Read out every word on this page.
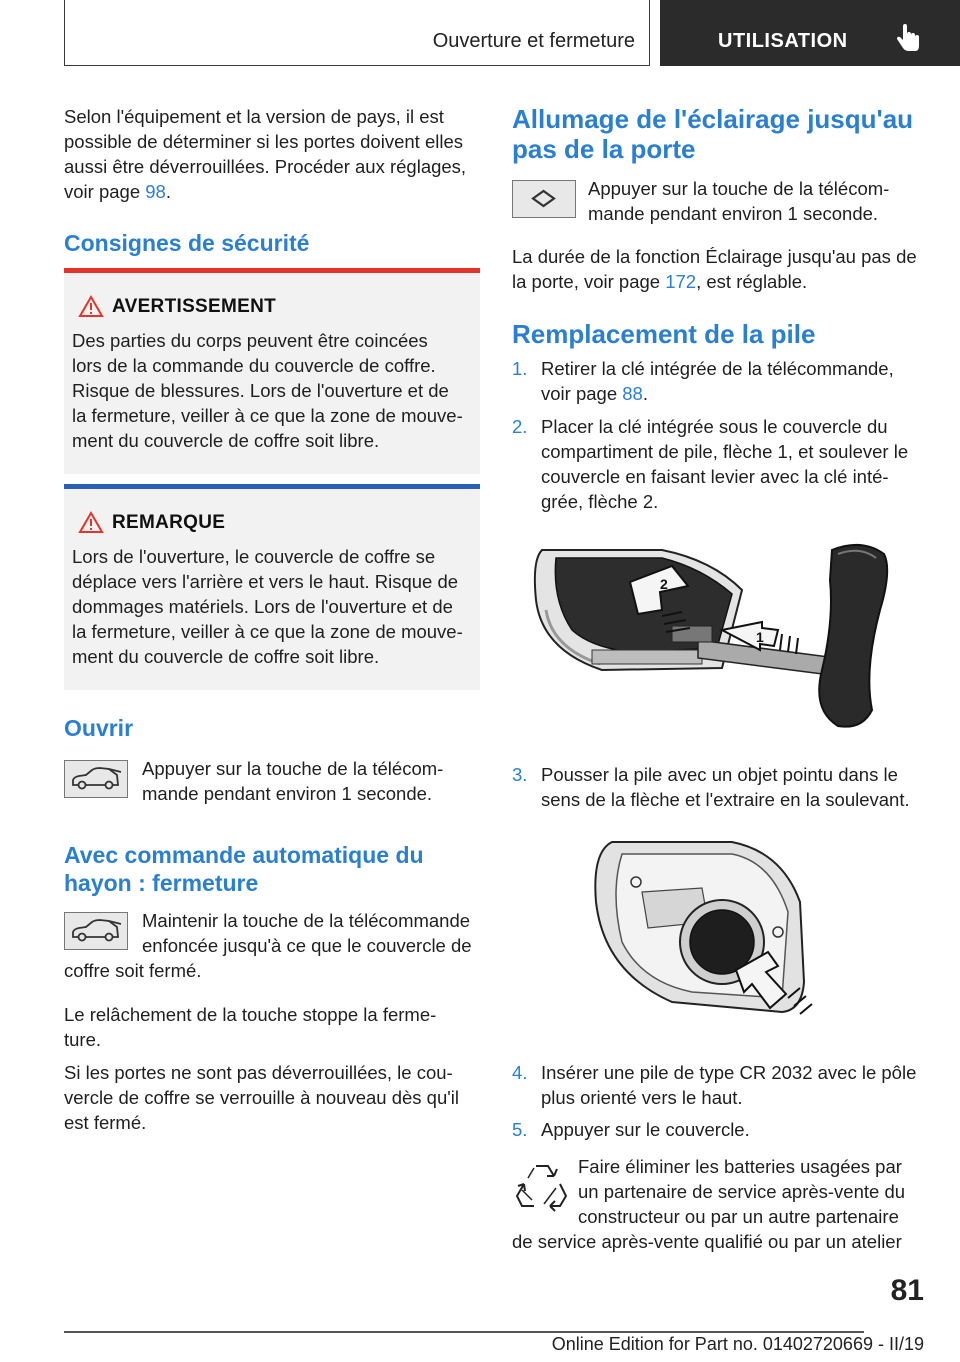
Ouverture et fermeture	UTILISATION
Selon l'équipement et la version de pays, il est
possible de déterminer si les portes doivent elles
aussi être déverrouillées. Procéder aux réglages,
voir page 98.
Consignes de sécurité
AVERTISSEMENT
Des parties du corps peuvent être coincées
lors de la commande du couvercle de coffre.
Risque de blessures. Lors de l'ouverture et de
la fermeture, veiller à ce que la zone de mouve-
ment du couvercle de coffre soit libre.
REMARQUE
Lors de l'ouverture, le couvercle de coffre se
déplace vers l'arrière et vers le haut. Risque de
dommages matériels. Lors de l'ouverture et de
la fermeture, veiller à ce que la zone de mouve-
ment du couvercle de coffre soit libre.
Ouvrir
Appuyer sur la touche de la télécom-
mande pendant environ 1 seconde.
Avec commande automatique du
hayon : fermeture
Maintenir la touche de la télécommande
enfoncée jusqu'à ce que le couvercle de
coffre soit fermé.
Le relâchement de la touche stoppe la ferme-
ture.
Si les portes ne sont pas déverrouillées, le cou-
vercle de coffre se verrouille à nouveau dès qu'il
est fermé.
Allumage de l'éclairage jusqu'au
pas de la porte
Appuyer sur la touche de la télécom-
mande pendant environ 1 seconde.
La durée de la fonction Éclairage jusqu'au pas de
la porte, voir page 172, est réglable.
Remplacement de la pile
1. Retirer la clé intégrée de la télécommande,
voir page 88.
2. Placer la clé intégrée sous le couvercle du
compartiment de pile, flèche 1, et soulever le
couvercle en faisant levier avec la clé inté-
grée, flèche 2.
2
1
3. Pousser la pile avec un objet pointu dans le
sens de la flèche et l'extraire en la soulevant.
4. Insérer une pile de type CR 2032 avec le pôle
plus orienté vers le haut.
5. Appuyer sur le couvercle.
Faire éliminer les batteries usagées par
un partenaire de service après-vente du
constructeur ou par un autre partenaire
de service après-vente qualifié ou par un atelier
81
Online Edition for Part no. 01402720669 - II/19
